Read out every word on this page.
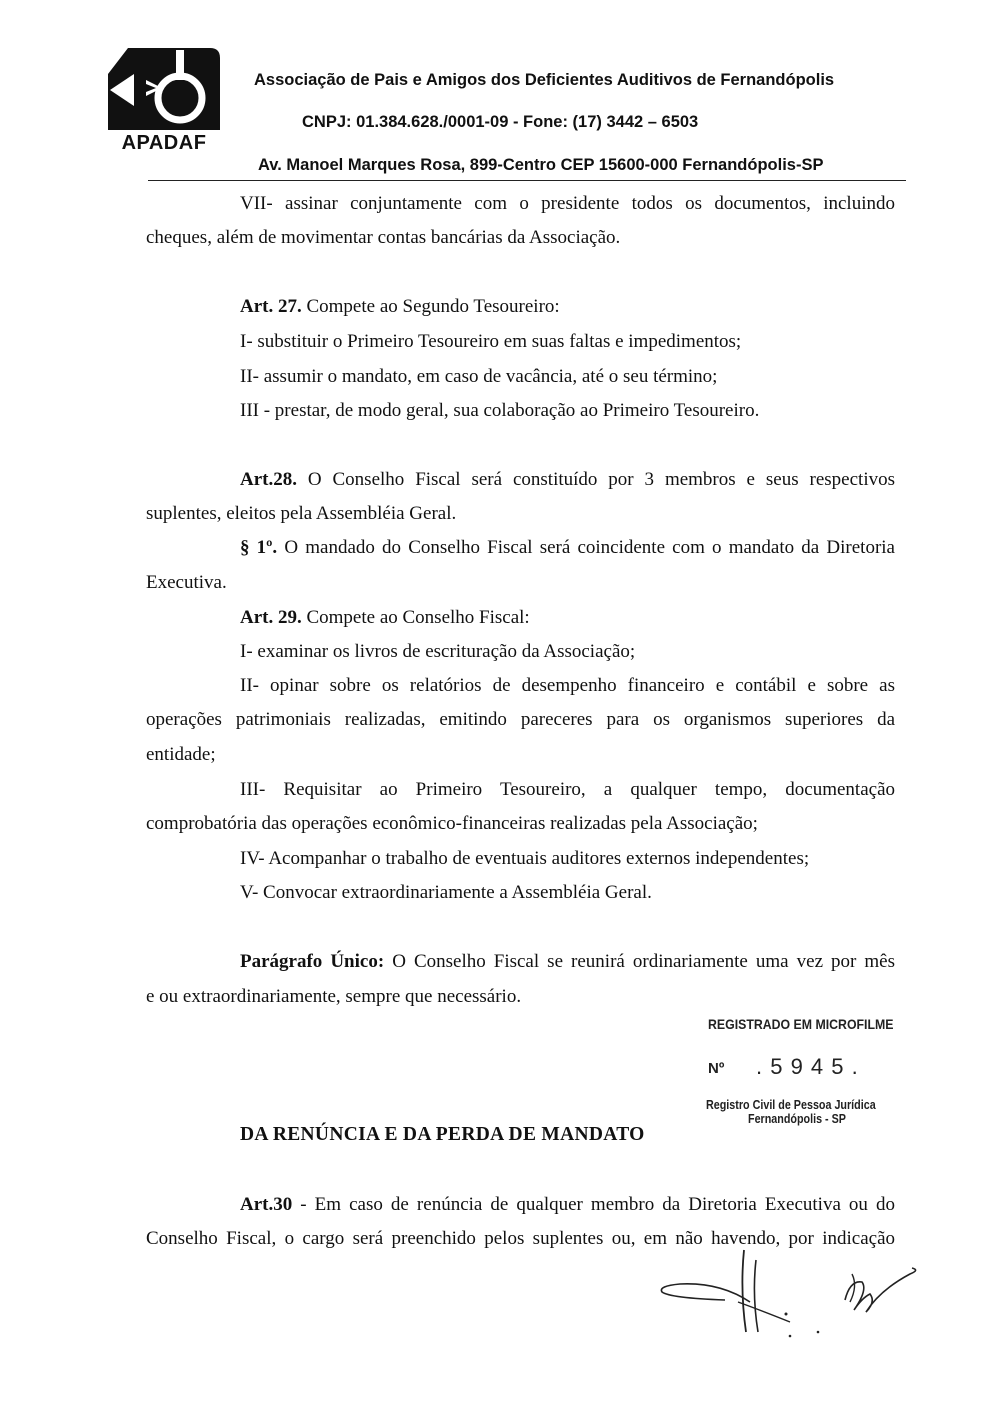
APADAF
Associação de Pais e Amigos dos Deficientes Auditivos de Fernandópolis
CNPJ: 01.384.628./0001-09 - Fone: (17) 3442 – 6503
Av. Manoel Marques Rosa, 899-Centro CEP 15600-000 Fernandópolis-SP
VII- assinar conjuntamente com o presidente todos os documentos, incluindo
cheques, além de movimentar contas bancárias da Associação.
Art. 27. Compete ao Segundo Tesoureiro:
I- substituir o Primeiro Tesoureiro em suas faltas e impedimentos;
II- assumir o mandato, em caso de vacância, até o seu término;
III - prestar, de modo geral, sua colaboração ao Primeiro Tesoureiro.
Art.28. O Conselho Fiscal será constituído por 3 membros e seus respectivos
suplentes, eleitos pela Assembléia Geral.
§ 1º. O mandado do Conselho Fiscal será coincidente com o mandato da Diretoria
Executiva.
Art. 29. Compete ao Conselho Fiscal:
I- examinar os livros de escrituração da Associação;
II- opinar sobre os relatórios de desempenho financeiro e contábil e sobre as
operações patrimoniais realizadas, emitindo pareceres para os organismos superiores da
entidade;
III- Requisitar ao Primeiro Tesoureiro, a qualquer tempo, documentação
comprobatória das operações econômico-financeiras realizadas pela Associação;
IV- Acompanhar o trabalho de eventuais auditores externos independentes;
V- Convocar extraordinariamente a Assembléia Geral.
Parágrafo Único: O Conselho Fiscal se reunirá ordinariamente uma vez por mês
e ou extraordinariamente, sempre que necessário.
DA RENÚNCIA E DA PERDA DE MANDATO
Art.30 - Em caso de renúncia de qualquer membro da Diretoria Executiva ou do
Conselho Fiscal, o cargo será preenchido pelos suplentes ou, em não havendo, por indicação
REGISTRADO EM MICROFILME
Nº . 5 9 4 5 .
Registro Civil de Pessoa Jurídica
Fernandópolis - SP
